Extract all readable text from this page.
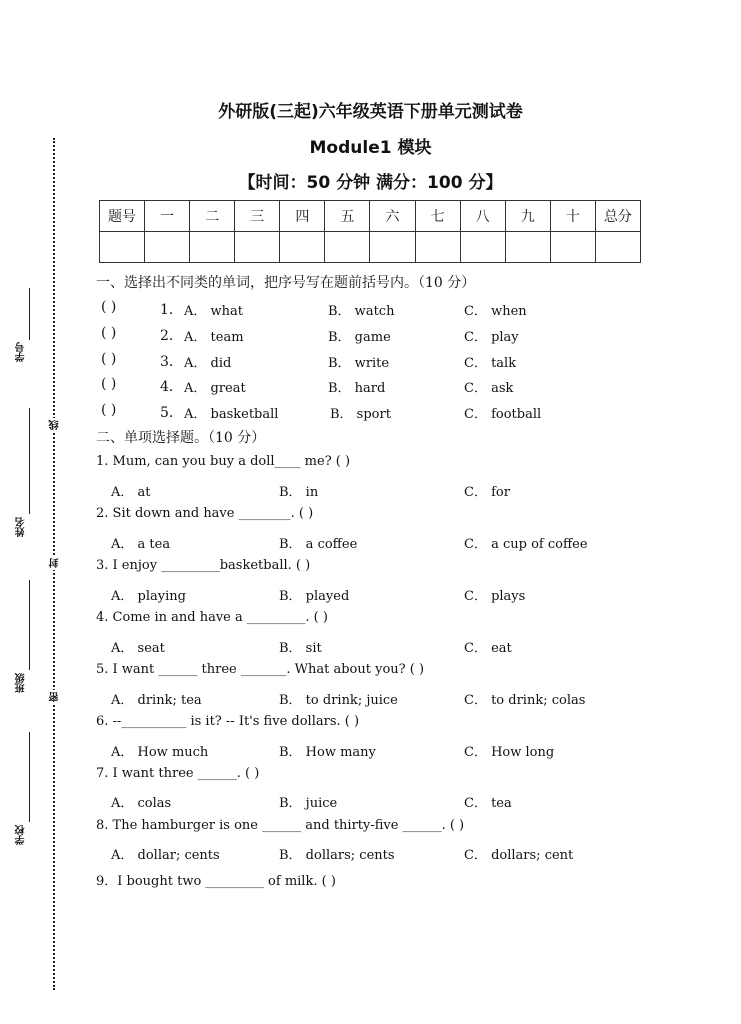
外研版(三起)六年级英语下册单元测试卷
Module1 模块
【时间：50 分钟 满分：100 分】
学号
姓名
班级
学校
线
封
密
题号	一	二	三	四	五	六	七	八	九	十	总分

一、选择出不同类的单词，把序号写在题前括号内。（10 分）
( )	1． A． what	B． watch	C． when
( )	2． A． team	B． game	C． play
( )	3． A． did	B． write	C． talk
( )	4． A． great	B． hard	C． ask
( )	5． A． basketball	B． sport	C． football
二、单项选择题。（10 分）
1. Mum, can you buy a doll____ me? ( )
A． at	B． in	C． for
2. Sit down and have ________. ( )
A． a tea	B． a coffee	C． a cup of coffee
3. I enjoy _________basketball. ( )
A． playing	B． played	C． plays
4. Come in and have a _________. ( )
A． seat	B． sit	C． eat
5. I want ______ three _______. What about you? ( )
A． drink; tea	B． to drink; juice	C． to drink; colas
6. --__________ is it? -- It's five dollars. ( )
A． How much	B． How many	C． How long
7. I want three ______. ( )
A． colas	B． juice	C． tea
8. The hamburger is one ______ and thirty-five ______. ( )
A． dollar; cents	B． dollars; cents	C． dollars; cent
9．I bought two _________ of milk. ( )
